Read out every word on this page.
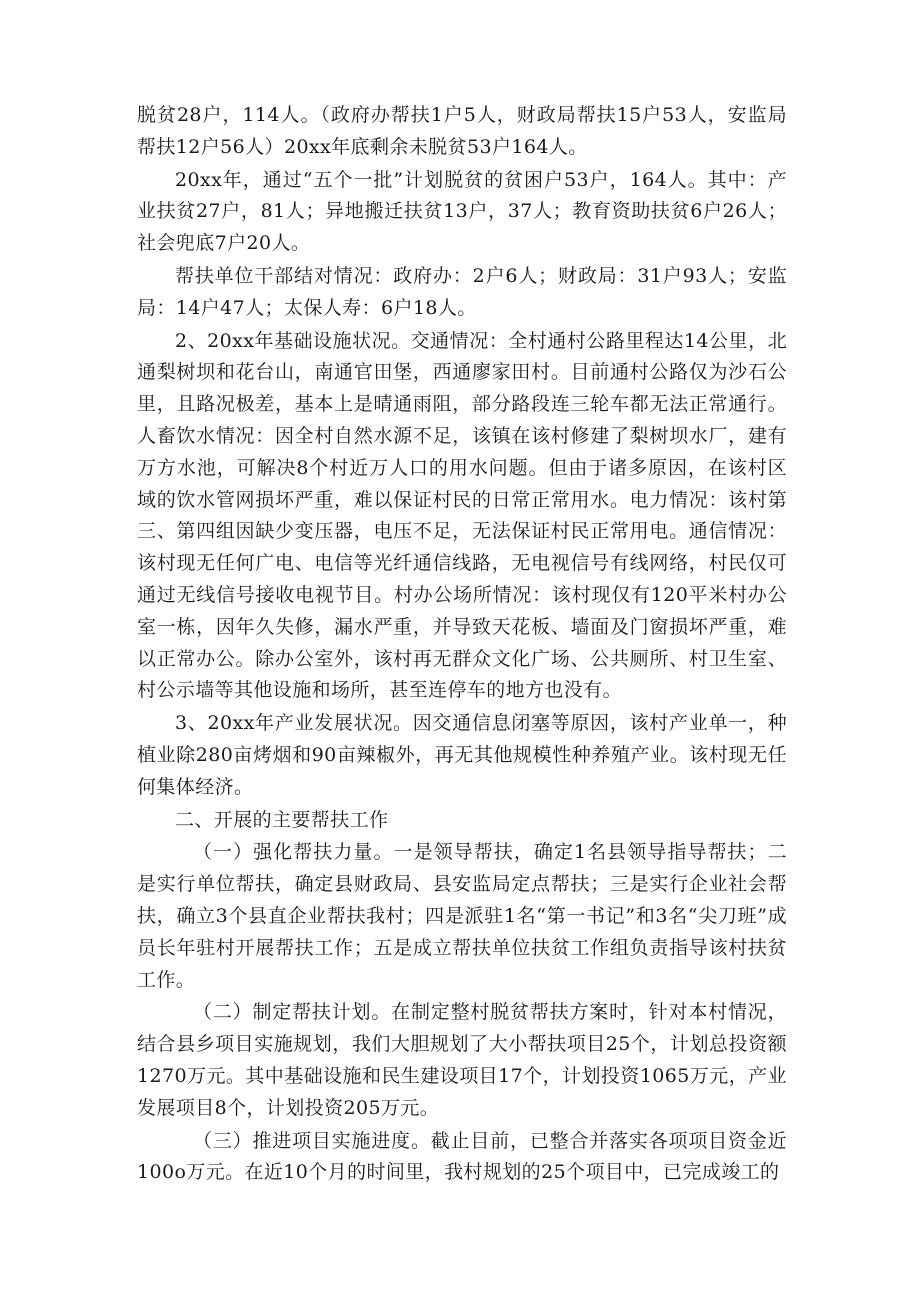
脱贫28户，114人。（政府办帮扶1户5人，财政局帮扶15户53人，安监局帮扶12户56人）20xx年底剩余未脱贫53户164人。

20xx年，通过“五个一批”计划脱贫的贫困户53户，164人。其中：产业扶贫27户，81人；异地搬迁扶贫13户，37人；教育资助扶贫6户26人；社会兜底7户20人。

帮扶单位干部结对情况：政府办：2户6人；财政局：31户93人；安监局：14户47人；太保人寿：6户18人。

2、20xx年基础设施状况。交通情况：全村通村公路里程达14公里，北通梨树坝和花台山，南通官田堡，西通廖家田村。目前通村公路仅为沙石公里，且路况极差，基本上是晴通雨阻，部分路段连三轮车都无法正常通行。人畜饮水情况：因全村自然水源不足，该镇在该村修建了梨树坝水厂，建有万方水池，可解决8个村近万人口的用水问题。但由于诸多原因，在该村区域的饮水管网损坏严重，难以保证村民的日常正常用水。电力情况：该村第三、第四组因缺少变压器，电压不足，无法保证村民正常用电。通信情况：该村现无任何广电、电信等光纤通信线路，无电视信号有线网络，村民仅可通过无线信号接收电视节目。村办公场所情况：该村现仅有120平米村办公室一栋，因年久失修，漏水严重，并导致天花板、墙面及门窗损坏严重，难以正常办公。除办公室外，该村再无群众文化广场、公共厕所、村卫生室、村公示墙等其他设施和场所，甚至连停车的地方也没有。

3、20xx年产业发展状况。因交通信息闭塞等原因，该村产业单一，种植业除280亩烤烟和90亩辣椒外，再无其他规模性种养殖产业。该村现无任何集体经济。

二、开展的主要帮扶工作

（一）强化帮扶力量。一是领导帮扶，确定1名县领导指导帮扶；二是实行单位帮扶，确定县财政局、县安监局定点帮扶；三是实行企业社会帮扶，确立3个县直企业帮扶我村；四是派驻1名“第一书记”和3名“尖刀班”成员长年驻村开展帮扶工作；五是成立帮扶单位扶贫工作组负责指导该村扶贫工作。

（二）制定帮扶计划。在制定整村脱贫帮扶方案时，针对本村情况，结合县乡项目实施规划，我们大胆规划了大小帮扶项目25个，计划总投资额1270万元。其中基础设施和民生建设项目17个，计划投资1065万元，产业发展项目8个，计划投资205万元。

（三）推进项目实施进度。截止目前，已整合并落实各项项目资金近100o万元。在近10个月的时间里，我村规划的25个项目中，已完成竣工的
